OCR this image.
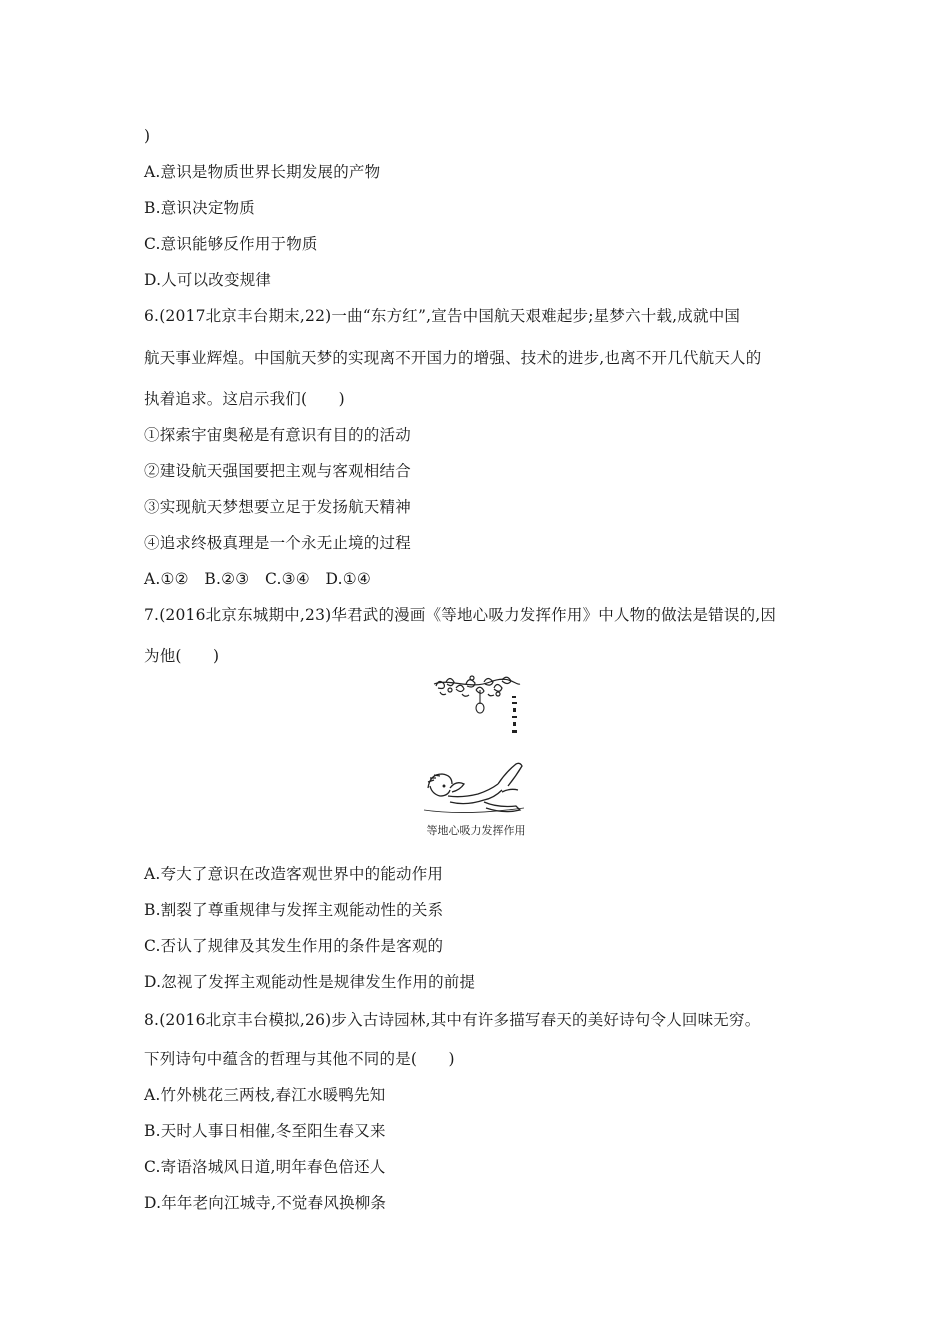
)
A.意识是物质世界长期发展的产物
B.意识决定物质
C.意识能够反作用于物质
D.人可以改变规律
6.(2017北京丰台期末,22)一曲“东方红”,宣告中国航天艰难起步;星梦六十载,成就中国
航天事业辉煌。中国航天梦的实现离不开国力的增强、技术的进步,也离不开几代航天人的
执着追求。这启示我们(　　)
①探索宇宙奥秘是有意识有目的的活动
②建设航天强国要把主观与客观相结合
③实现航天梦想要立足于发扬航天精神
④追求终极真理是一个永无止境的过程
A.①②　B.②③　C.③④　D.①④
7.(2016北京东城期中,23)华君武的漫画《等地心吸力发挥作用》中人物的做法是错误的,因
为他(　　)
等地心吸力发挥作用
A.夸大了意识在改造客观世界中的能动作用
B.割裂了尊重规律与发挥主观能动性的关系
C.否认了规律及其发生作用的条件是客观的
D.忽视了发挥主观能动性是规律发生作用的前提
8.(2016北京丰台模拟,26)步入古诗园林,其中有许多描写春天的美好诗句令人回味无穷。
下列诗句中蕴含的哲理与其他不同的是(　　)
A.竹外桃花三两枝,春江水暖鸭先知
B.天时人事日相催,冬至阳生春又来
C.寄语洛城风日道,明年春色倍还人
D.年年老向江城寺,不觉春风换柳条
